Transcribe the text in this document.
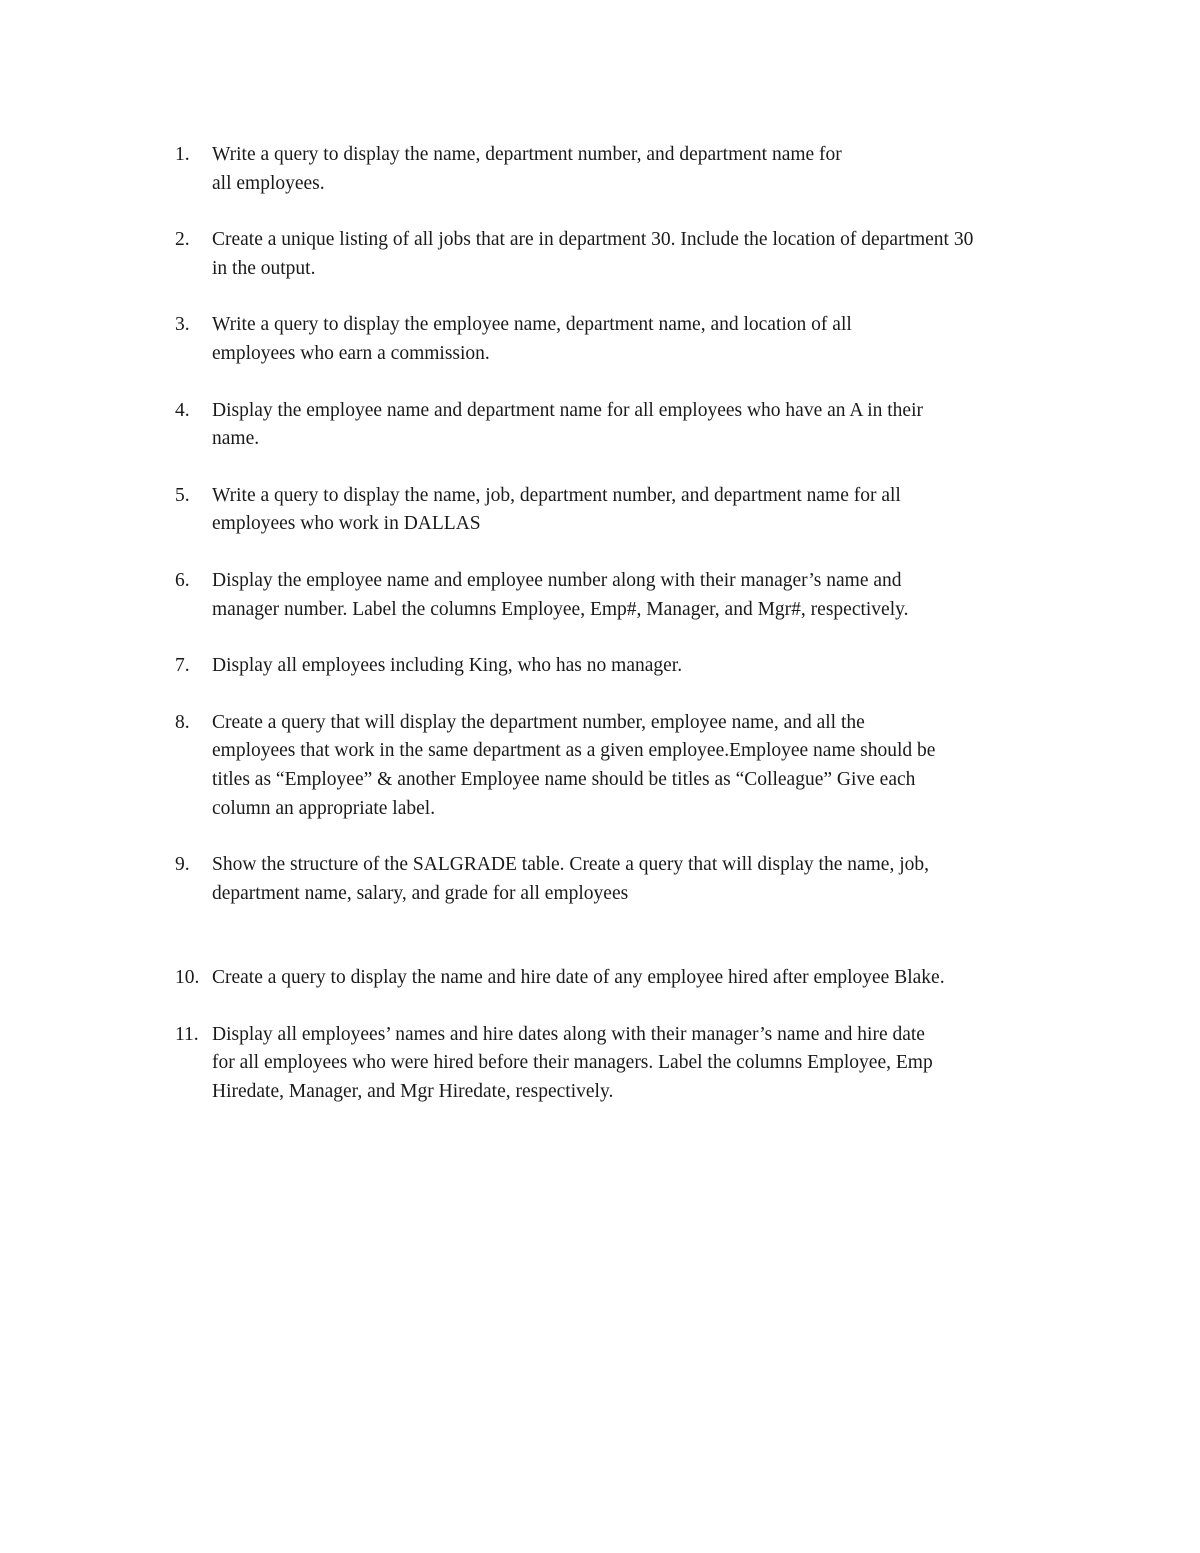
1.	Write a query to display the name, department number, and department name for
all employees.
2.	Create a unique listing of all jobs that are in department 30. Include the location of department 30
in the output.
3.	Write a query to display the employee name, department name, and location of all
employees who earn a commission.
4.	Display the employee name and department name for all employees who have an A in their
name.
5.	Write a query to display the name, job, department number, and department name for all
employees who work in DALLAS
6.	Display the employee name and employee number along with their manager’s name and
manager number. Label the columns Employee, Emp#, Manager, and Mgr#, respectively.
7.	Display all employees including King, who has no manager.
8.	Create a query that will display the department number, employee name, and all the
employees that work in the same department as a given employee.Employee name should be
titles as “Employee” & another Employee name should be titles as “Colleague” Give each
column an appropriate label.
9.	Show the structure of the SALGRADE table. Create a query that will display the name, job,
department name, salary, and grade for all employees
10. Create a query to display the name and hire date of any employee hired after employee Blake.
11. Display all employees’ names and hire dates along with their manager’s name and hire date
for all employees who were hired before their managers. Label the columns Employee, Emp
Hiredate, Manager, and Mgr Hiredate, respectively.
